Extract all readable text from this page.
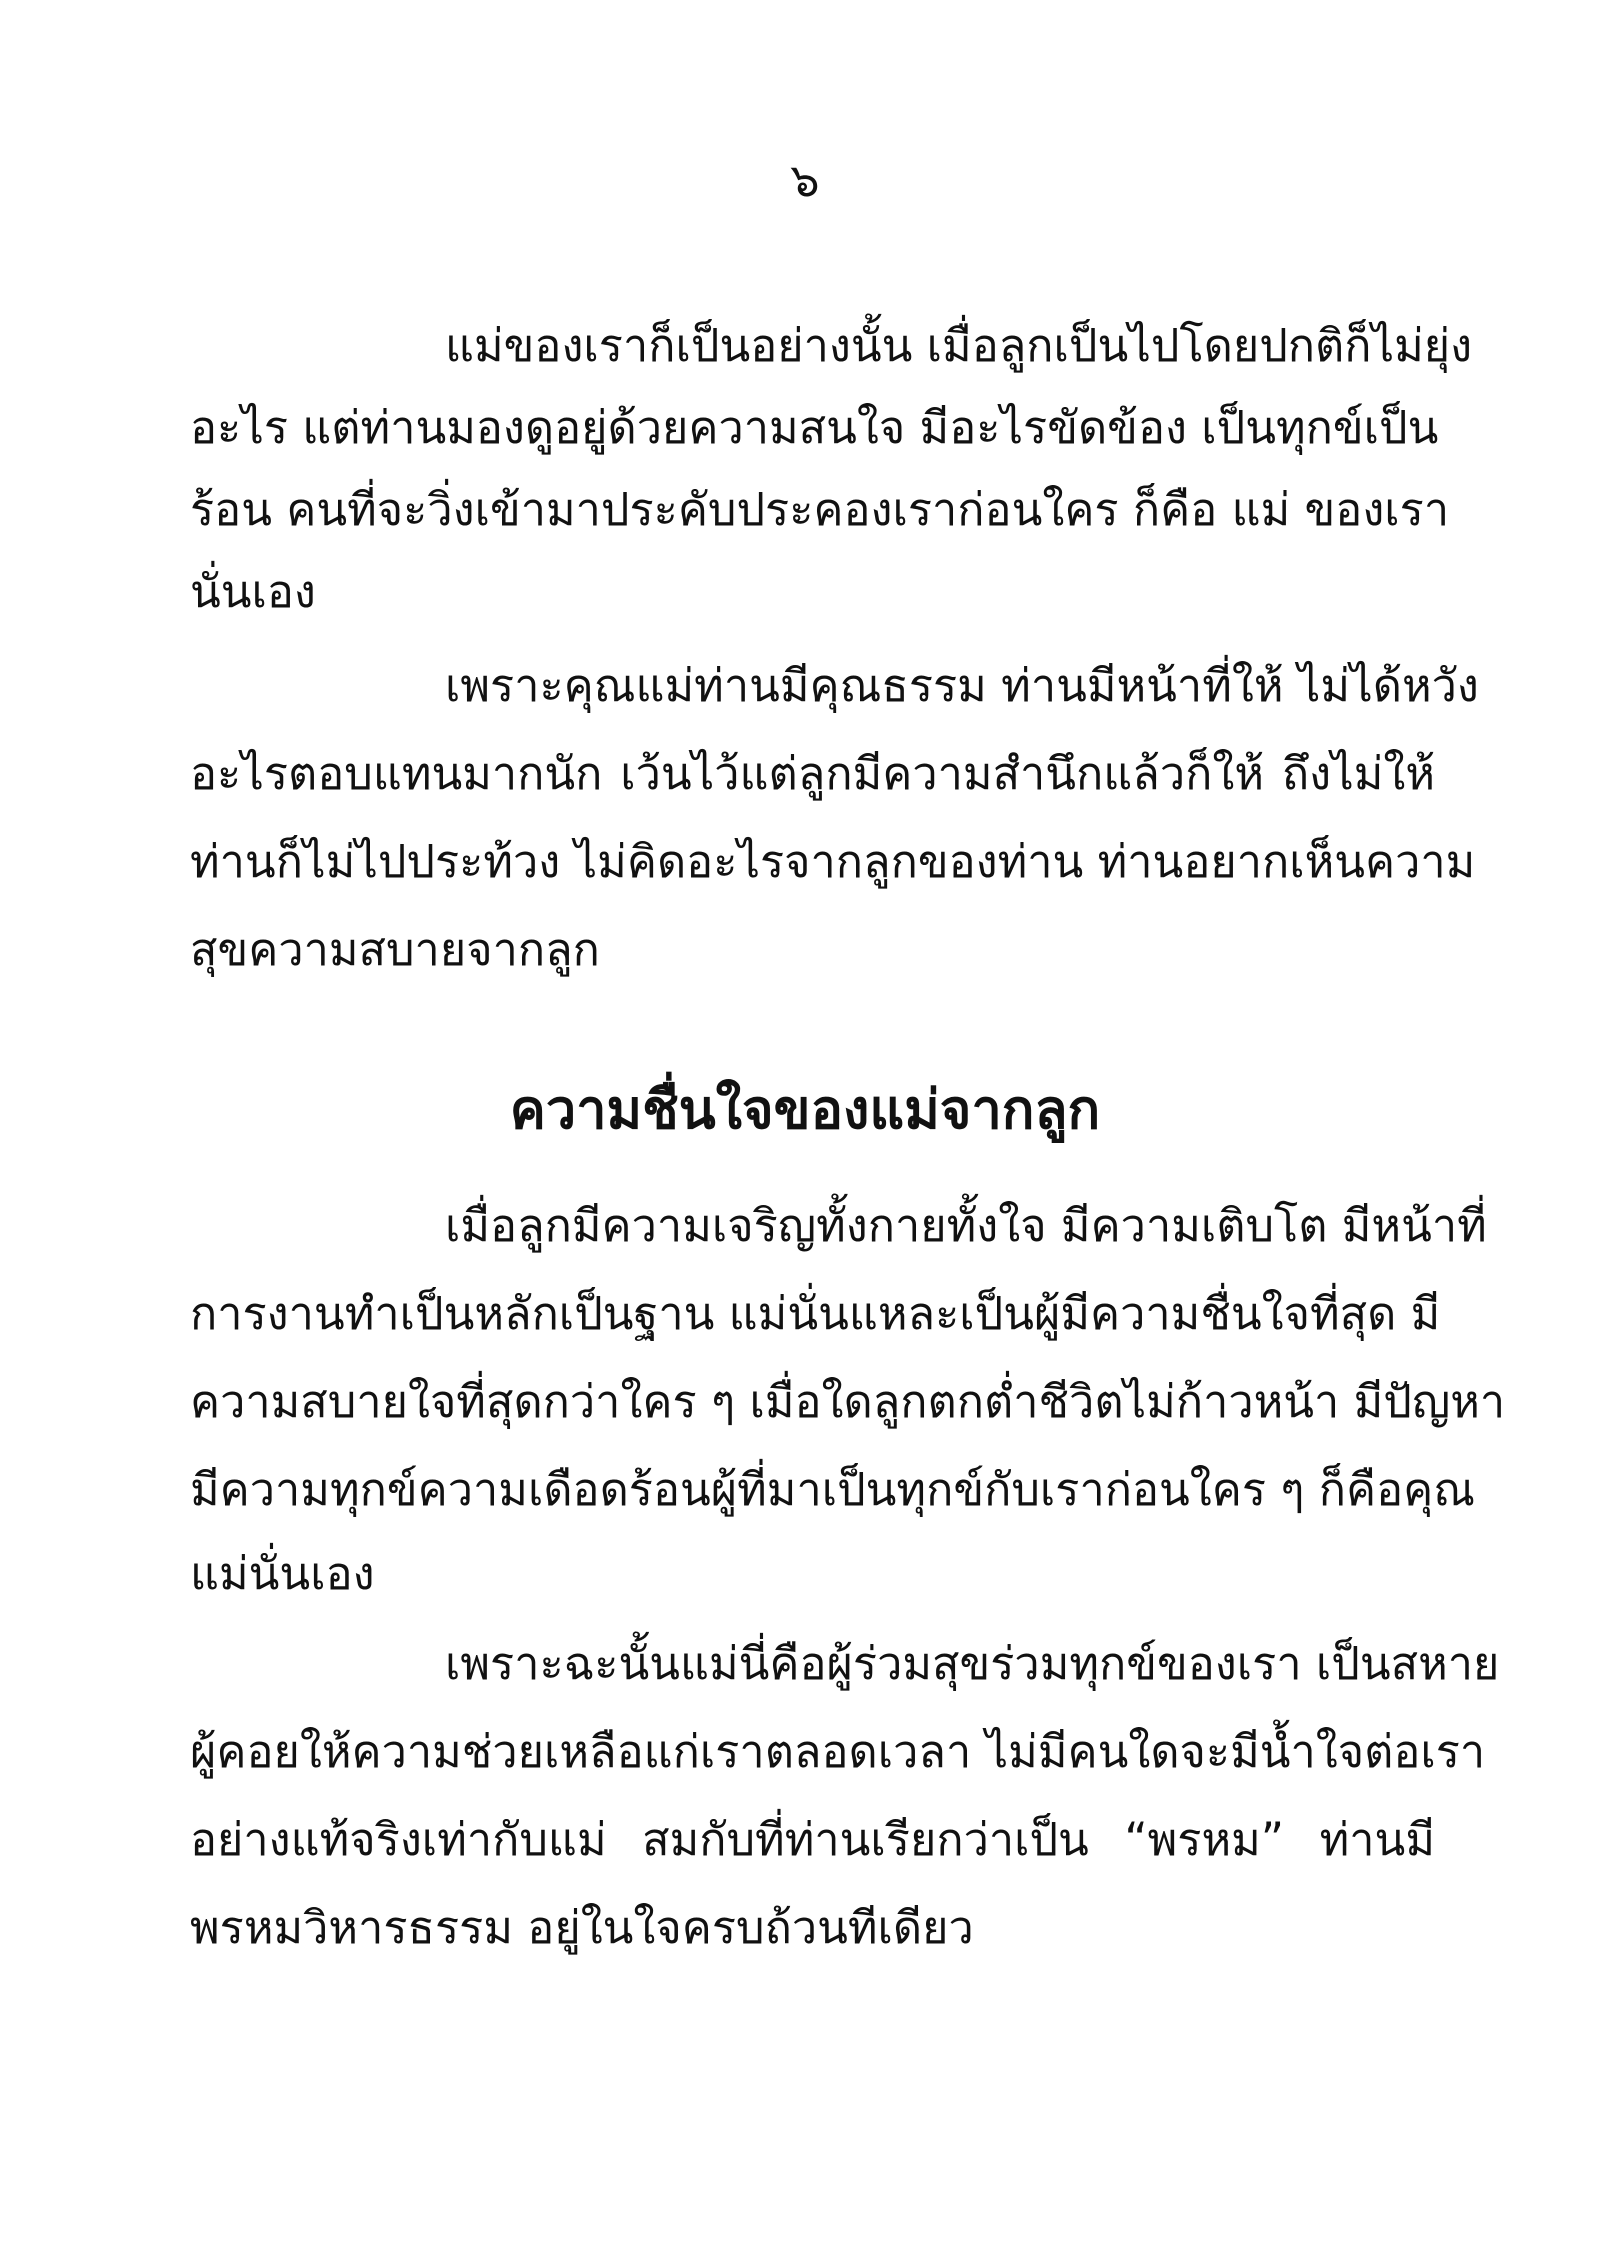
๖
แม่ของเราก็เป็นอย่างนั้น เมื่อลูกเป็นไปโดยปกติก็ไม่ยุ่ง
อะไร แต่ท่านมองดูอยู่ด้วยความสนใจ มีอะไรขัดข้อง เป็นทุกข์เป็น
ร้อน คนที่จะวิ่งเข้ามาประคับประคองเราก่อนใคร ก็คือ แม่ ของเรา
นั่นเอง
เพราะคุณแม่ท่านมีคุณธรรม ท่านมีหน้าที่ให้ ไม่ได้หวัง
อะไรตอบแทนมากนัก เว้นไว้แต่ลูกมีความสำนึกแล้วก็ให้ ถึงไม่ให้
ท่านก็ไม่ไปประท้วง ไม่คิดอะไรจากลูกของท่าน ท่านอยากเห็นความ
สุขความสบายจากลูก
ความชื่นใจของแม่จากลูก
เมื่อลูกมีความเจริญทั้งกายทั้งใจ มีความเติบโต มีหน้าที่
การงานทำเป็นหลักเป็นฐาน แม่นั่นแหละเป็นผู้มีความชื่นใจที่สุด มี
ความสบายใจที่สุดกว่าใคร ๆ เมื่อใดลูกตกต่ำชีวิตไม่ก้าวหน้า มีปัญหา
มีความทุกข์ความเดือดร้อนผู้ที่มาเป็นทุกข์กับเราก่อนใคร ๆ ก็คือคุณ
แม่นั่นเอง
เพราะฉะนั้นแม่นี่คือผู้ร่วมสุขร่วมทุกข์ของเรา เป็นสหาย
ผู้คอยให้ความช่วยเหลือแก่เราตลอดเวลา ไม่มีคนใดจะมีน้ำใจต่อเรา
อย่างแท้จริงเท่ากับแม่ สมกับที่ท่านเรียกว่าเป็น “พรหม” ท่านมี
พรหมวิหารธรรม อยู่ในใจครบถ้วนทีเดียว
